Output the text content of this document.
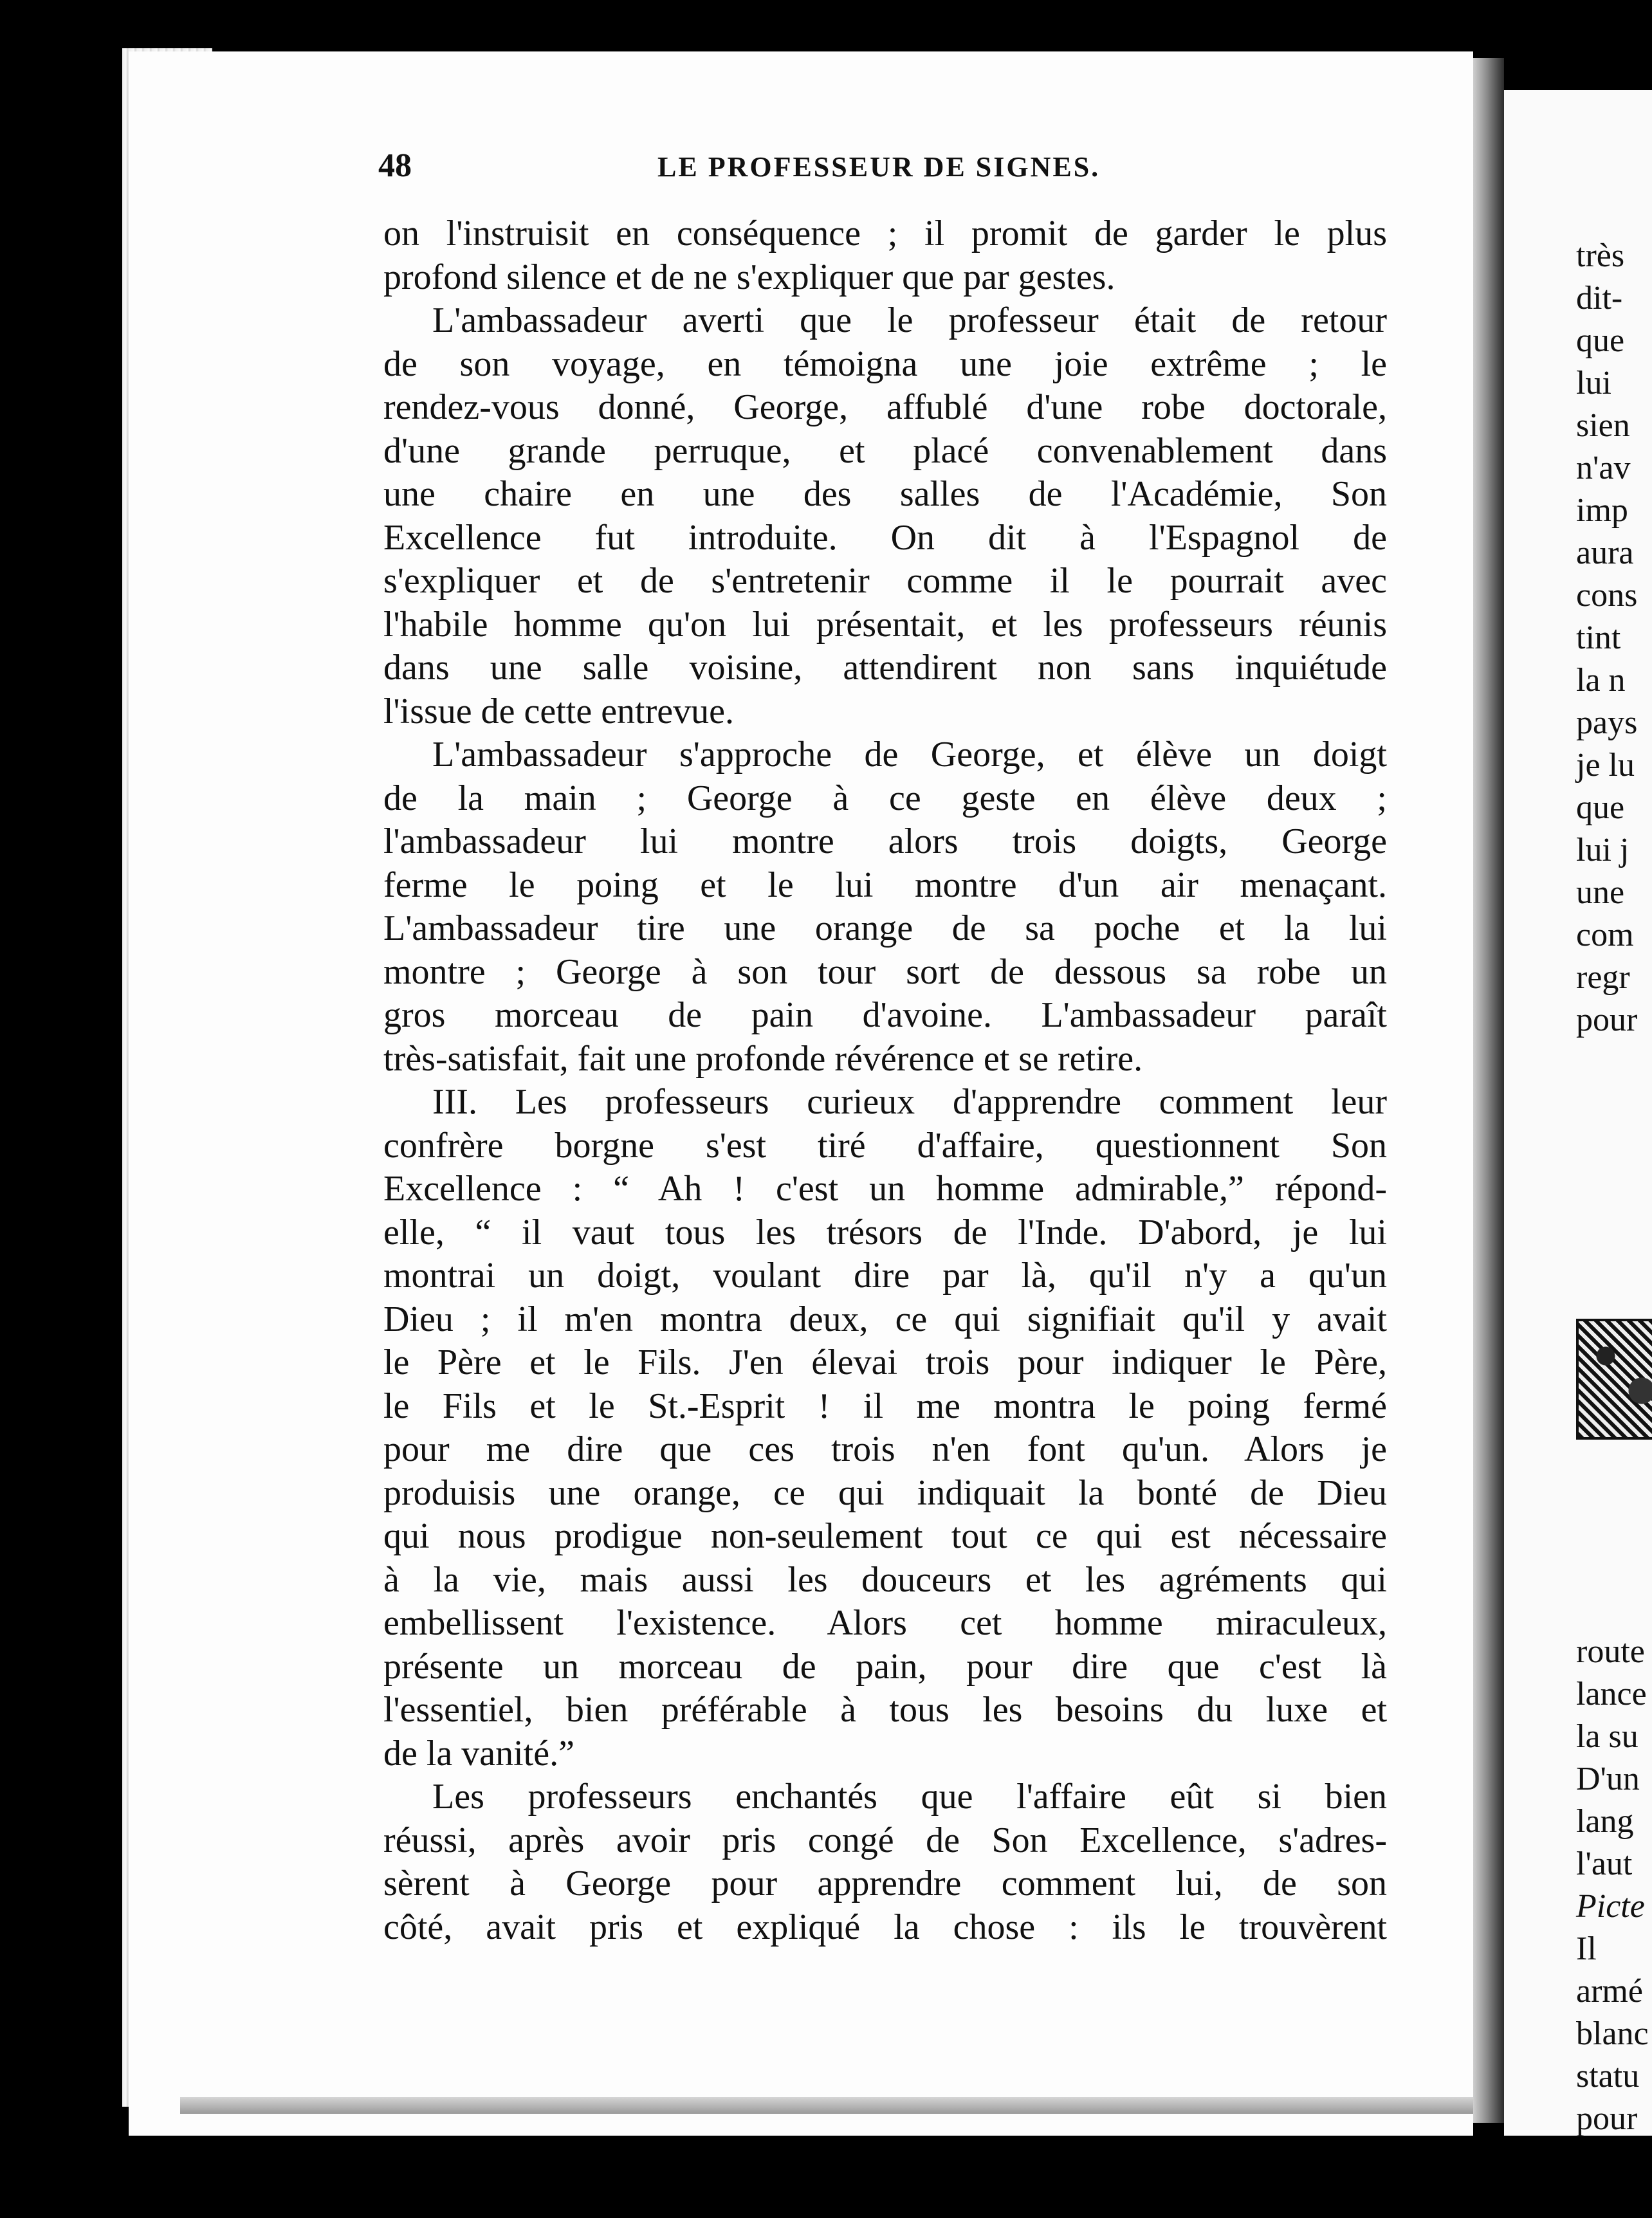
48	LE PROFESSEUR DE SIGNES.
on l'instruisit en conséquence ; il promit de garder le plus
profond silence et de ne s'expliquer que par gestes.
L'ambassadeur averti que le professeur était de retour
de son voyage, en témoigna une joie extrême ; le
rendez-vous donné, George, affublé d'une robe doctorale,
d'une grande perruque, et placé convenablement dans
une chaire en une des salles de l'Académie, Son
Excellence fut introduite. On dit à l'Espagnol de
s'expliquer et de s'entretenir comme il le pourrait avec
l'habile homme qu'on lui présentait, et les professeurs réunis
dans une salle voisine, attendirent non sans inquiétude
l'issue de cette entrevue.
L'ambassadeur s'approche de George, et élève un doigt
de la main ; George à ce geste en élève deux ;
l'ambassadeur lui montre alors trois doigts, George
ferme le poing et le lui montre d'un air menaçant.
L'ambassadeur tire une orange de sa poche et la lui
montre ; George à son tour sort de dessous sa robe un
gros morceau de pain d'avoine. L'ambassadeur paraît
très-satisfait, fait une profonde révérence et se retire.
III. Les professeurs curieux d'apprendre comment leur
confrère borgne s'est tiré d'affaire, questionnent Son
Excellence : “ Ah ! c'est un homme admirable,” répond-
elle, “ il vaut tous les trésors de l'Inde. D'abord, je lui
montrai un doigt, voulant dire par là, qu'il n'y a qu'un
Dieu ; il m'en montra deux, ce qui signifiait qu'il y avait
le Père et le Fils. J'en élevai trois pour indiquer le Père,
le Fils et le St.-Esprit ! il me montra le poing fermé
pour me dire que ces trois n'en font qu'un. Alors je
produisis une orange, ce qui indiquait la bonté de Dieu
qui nous prodigue non-seulement tout ce qui est nécessaire
à la vie, mais aussi les douceurs et les agréments qui
embellissent l'existence. Alors cet homme miraculeux,
présente un morceau de pain, pour dire que c'est là
l'essentiel, bien préférable à tous les besoins du luxe et
de la vanité.”
Les professeurs enchantés que l'affaire eût si bien
réussi, après avoir pris congé de Son Excellence, s'adres-
sèrent à George pour apprendre comment lui, de son
côté, avait pris et expliqué la chose : ils le trouvèrent
très
dit-
que
lui
sien
n'av
imp
aura
cons
tint
la n
pays
je lu
que
lui j
une
com
regr
pour
route
lance
la su
D'un
lang
l'aut
Picte
Il
armé
blanc
statu
pour
